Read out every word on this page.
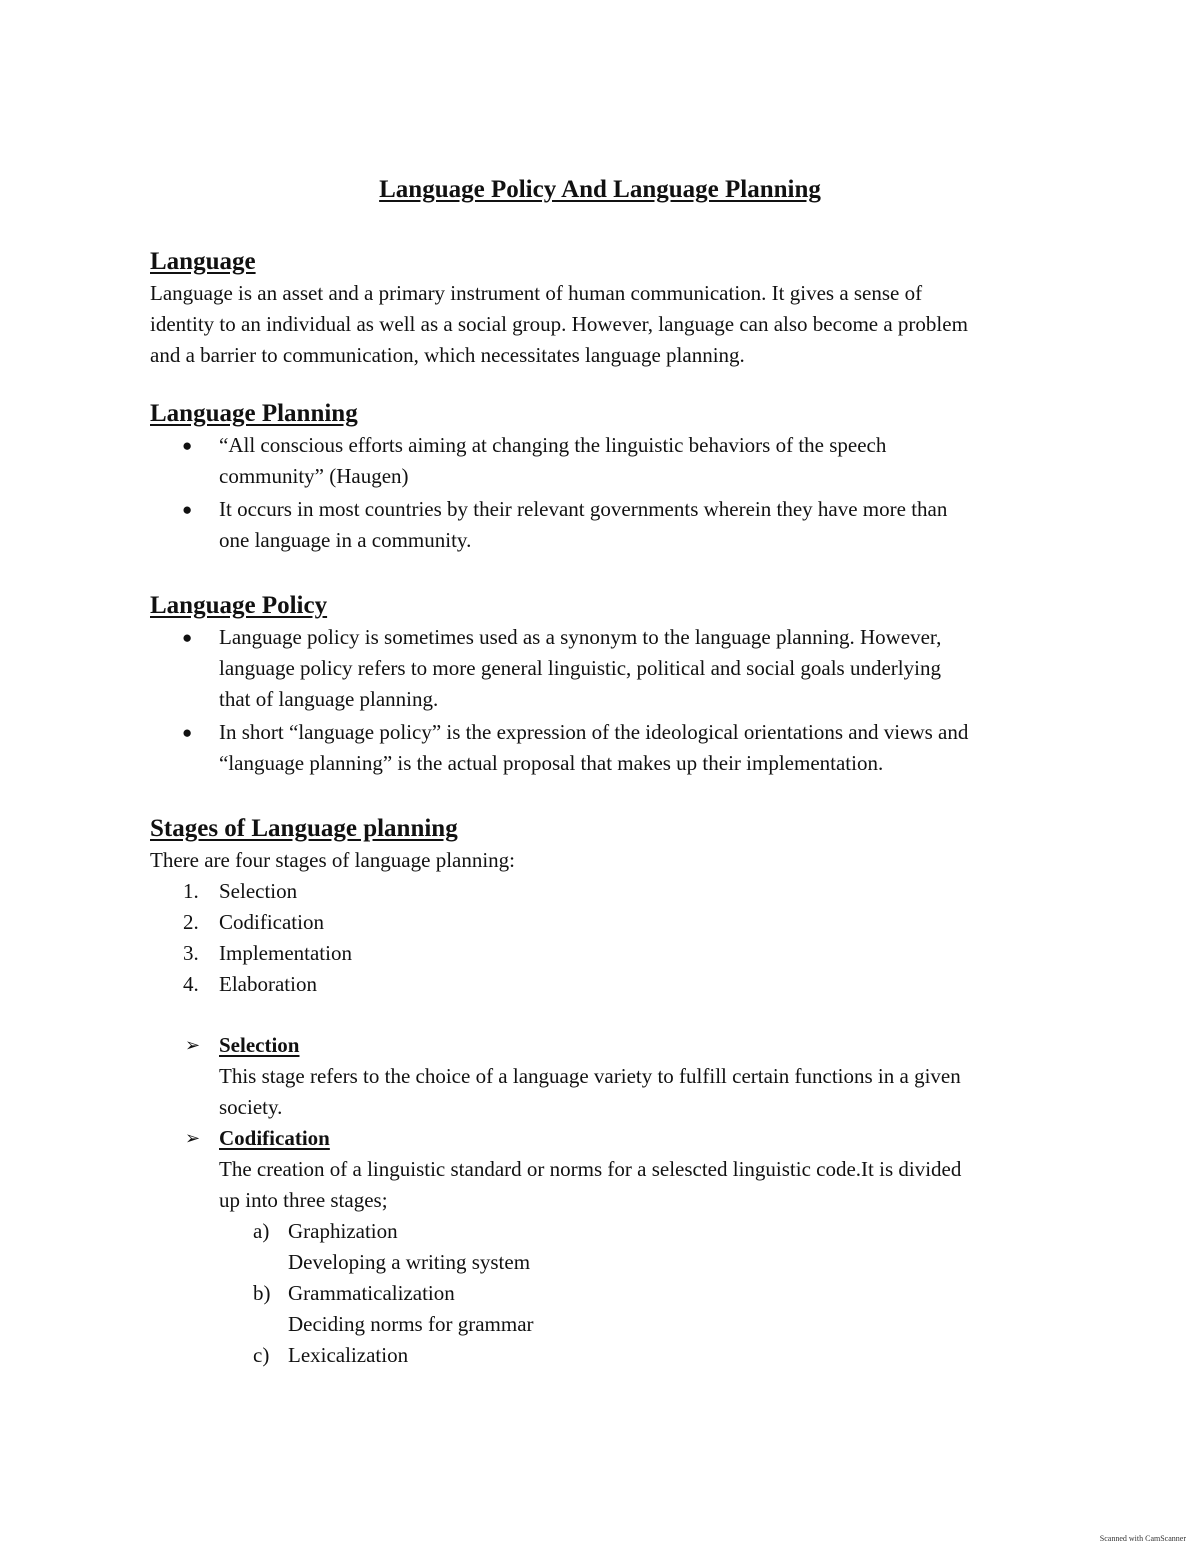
Language Policy And Language Planning
Language
Language is an asset and a primary instrument of human communication. It gives a sense of
identity to an individual as well as a social group. However, language can also become a problem
and a barrier to communication, which necessitates language planning.
Language Planning
● “All conscious efforts aiming at changing the linguistic behaviors of the speech
community” (Haugen)
● It occurs in most countries by their relevant governments wherein they have more than
one language in a community.
Language Policy
● Language policy is sometimes used as a synonym to the language planning. However,
language policy refers to more general linguistic, political and social goals underlying
that of language planning.
● In short “language policy” is the expression of the ideological orientations and views and
“language planning” is the actual proposal that makes up their implementation.
Stages of Language planning
There are four stages of language planning:
1. Selection
2. Codification
3. Implementation
4. Elaboration
➢ Selection
This stage refers to the choice of a language variety to fulfill certain functions in a given
society.
➢ Codification
The creation of a linguistic standard or norms for a selescted linguistic code.It is divided
up into three stages;
a) Graphization
Developing a writing system
b) Grammaticalization
Deciding norms for grammar
c) Lexicalization
Scanned with CamScanner
